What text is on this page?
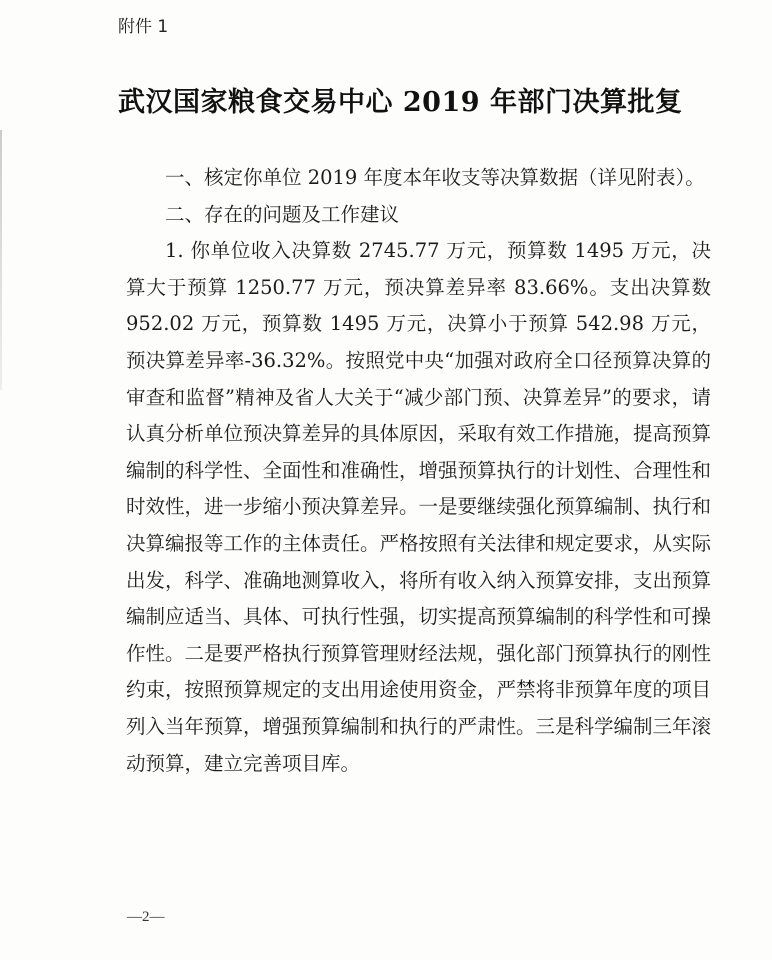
附件 1
武汉国家粮食交易中心 2019 年部门决算批复

一、核定你单位 2019 年度本年收支等决算数据（详见附表）。

二、存在的问题及工作建议

1. 你单位收入决算数 2745.77 万元，预算数 1495 万元，决算大于预算 1250.77 万元，预决算差异率 83.66%。支出决算数 952.02 万元，预算数 1495 万元，决算小于预算 542.98 万元，预决算差异率-36.32%。按照党中央“加强对政府全口径预算决算的审查和监督”精神及省人大关于“减少部门预、决算差异”的要求，请认真分析单位预决算差异的具体原因，采取有效工作措施，提高预算编制的科学性、全面性和准确性，增强预算执行的计划性、合理性和时效性，进一步缩小预决算差异。一是要继续强化预算编制、执行和决算编报等工作的主体责任。严格按照有关法律和规定要求，从实际出发，科学、准确地测算收入，将所有收入纳入预算安排，支出预算编制应适当、具体、可执行性强，切实提高预算编制的科学性和可操作性。二是要严格执行预算管理财经法规，强化部门预算执行的刚性约束，按照预算规定的支出用途使用资金，严禁将非预算年度的项目列入当年预算，增强预算编制和执行的严肃性。三是科学编制三年滚动预算，建立完善项目库。

—2—
